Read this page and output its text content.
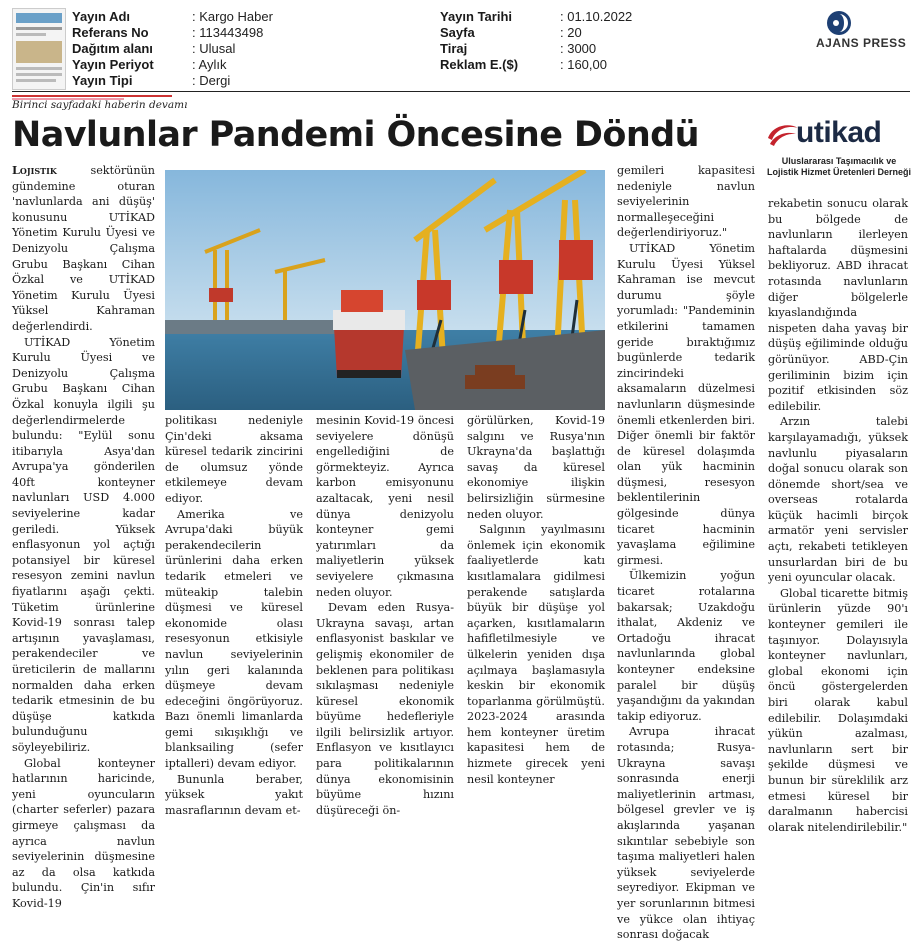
Yayın Adı	: Kargo Haber
Referans No	: 113443498
Dağıtım alanı	: Ulusal
Yayın Periyot	: Aylık
Yayın Tipi	: Dergi
Yayın Tarihi	: 01.10.2022
Sayfa	: 20
Tiraj	: 3000
Reklam E.($)	: 160,00
AJANS PRESS
Birinci sayfadaki haberin devamı
Navlunlar Pandemi Öncesine Döndü	utikad
Uluslararası Taşımacılık ve Lojistik Hizmet Üretenleri Derneği

Lojistik sektörünün gündemine oturan 'navlunlarda ani düşüş' konusunu UTİKAD Yönetim Kurulu Üyesi ve Denizyolu Çalışma Grubu Başkanı Cihan Özkal ve UTİKAD Yönetim Kurulu Üyesi Yüksel Kahraman değerlendirdi.

UTİKAD Yönetim Kurulu Üyesi ve Denizyolu Çalışma Grubu Başkanı Cihan Özkal konuyla ilgili şu değerlendirmelerde bulundu: "Eylül sonu itibarıyla Asya'dan Avrupa'ya gönderilen 40ft konteyner navlunları USD 4.000 seviyelerine kadar geriledi. Yüksek enflasyonun yol açtığı potansiyel bir küresel resesyon zemini navlun fiyatlarını aşağı çekti. Tüketim ürünlerine Kovid-19 sonrası talep artışının yavaşlaması, perakendeciler ve üreticilerin de mallarını normalden daha erken tedarik etmesinin de bu düşüşe katkıda bulunduğunu söyleyebiliriz.

Global konteyner hatlarının haricinde, yeni oyuncuların (charter seferler) pazara girmeye çalışması da ayrıca navlun seviyelerinin düşmesine az da olsa katkıda bulundu. Çin'in sıfır Kovid-19

politikası nedeniyle Çin'deki aksama küresel tedarik zincirini de olumsuz yönde etkilemeye devam ediyor.

Amerika ve Avrupa'daki büyük perakendecilerin ürünlerini daha erken tedarik etmeleri ve müteakip talebin düşmesi ve küresel ekonomide olası resesyonun etkisiyle navlun seviyelerinin yılın geri kalanında düşmeye devam edeceğini öngörüyoruz. Bazı önemli limanlarda gemi sıkışıklığı ve blanksailing (sefer iptalleri) devam ediyor.

Bununla beraber, yüksek yakıt masraflarının devam et-

mesinin Kovid-19 öncesi seviyelere dönüşü engellediğini de görmekteyiz. Ayrıca karbon emisyonunu azaltacak, yeni nesil dünya denizyolu konteyner gemi yatırımları da maliyetlerin yüksek seviyelere çıkmasına neden oluyor.

Devam eden Rusya-Ukrayna savaşı, artan enflasyonist baskılar ve gelişmiş ekonomiler de beklenen para politikası sıkılaşması nedeniyle küresel ekonomik büyüme hedefleriyle ilgili belirsizlik artıyor. Enflasyon ve kısıtlayıcı para politikalarının dünya ekonomisinin büyüme hızını düşüreceği ön-

görülürken, Kovid-19 salgını ve Rusya'nın Ukrayna'da başlattığı savaş da küresel ekonomiye ilişkin belirsizliğin sürmesine neden oluyor.

Salgının yayılmasını önlemek için ekonomik faaliyetlerde katı kısıtlamalara gidilmesi perakende satışlarda büyük bir düşüşe yol açarken, kısıtlamaların hafifletilmesiyle ve ülkelerin yeniden dışa açılmaya başlamasıyla keskin bir ekonomik toparlanma görülmüştü. 2023-2024 arasında hem konteyner üretim kapasitesi hem de hizmete girecek yeni nesil konteyner

gemileri kapasitesi nedeniyle navlun seviyelerinin normalleşeceğini değerlendiriyoruz."

UTİKAD Yönetim Kurulu Üyesi Yüksel Kahraman ise mevcut durumu şöyle yorumladı: "Pandeminin etkilerini tamamen geride bıraktığımız bugünlerde tedarik zincirindeki aksamaların düzelmesi navlunların düşmesinde önemli etkenlerden biri. Diğer önemli bir faktör de küresel dolaşımda olan yük hacminin düşmesi, resesyon beklentilerinin gölgesinde dünya ticaret hacminin yavaşlama eğilimine girmesi.

Ülkemizin yoğun ticaret rotalarına bakarsak; Uzakdoğu ithalat, Akdeniz ve Ortadoğu ihracat navlunlarında global konteyner endeksine paralel bir düşüş yaşandığını da yakından takip ediyoruz.

Avrupa ihracat rotasında; Rusya-Ukrayna savaşı sonrasında enerji maliyetlerinin artması, bölgesel grevler ve iş akışlarında yaşanan sıkıntılar sebebiyle son taşıma maliyetleri halen yüksek seviyelerde seyrediyor. Ekipman ve yer sorunlarının bitmesi ve yükce olan ihtiyaç sonrası doğacak

rekabetin sonucu olarak bu bölgede de navlunların ilerleyen haftalarda düşmesini bekliyoruz. ABD ihracat rotasında navlunların diğer bölgelerle kıyaslandığında nispeten daha yavaş bir düşüş eğiliminde olduğu görünüyor. ABD-Çin geriliminin bizim için pozitif etkisinden söz edilebilir.

Arzın talebi karşılayamadığı, yüksek navlunlu piyasaların doğal sonucu olarak son dönemde short/sea ve overseas rotalarda küçük hacimli birçok armatör yeni servisler açtı, rekabeti tetikleyen unsurlardan biri de bu yeni oyuncular olacak.

Global ticarette bitmiş ürünlerin yüzde 90'ı konteyner gemileri ile taşınıyor. Dolayısıyla konteyner navlunları, global ekonomi için öncü göstergelerden biri olarak kabul edilebilir. Dolaşımdaki yükün azalması, navlunların sert bir şekilde düşmesi ve bunun bir süreklilik arz etmesi küresel bir daralmanın habercisi olarak nitelendirilebilir."
